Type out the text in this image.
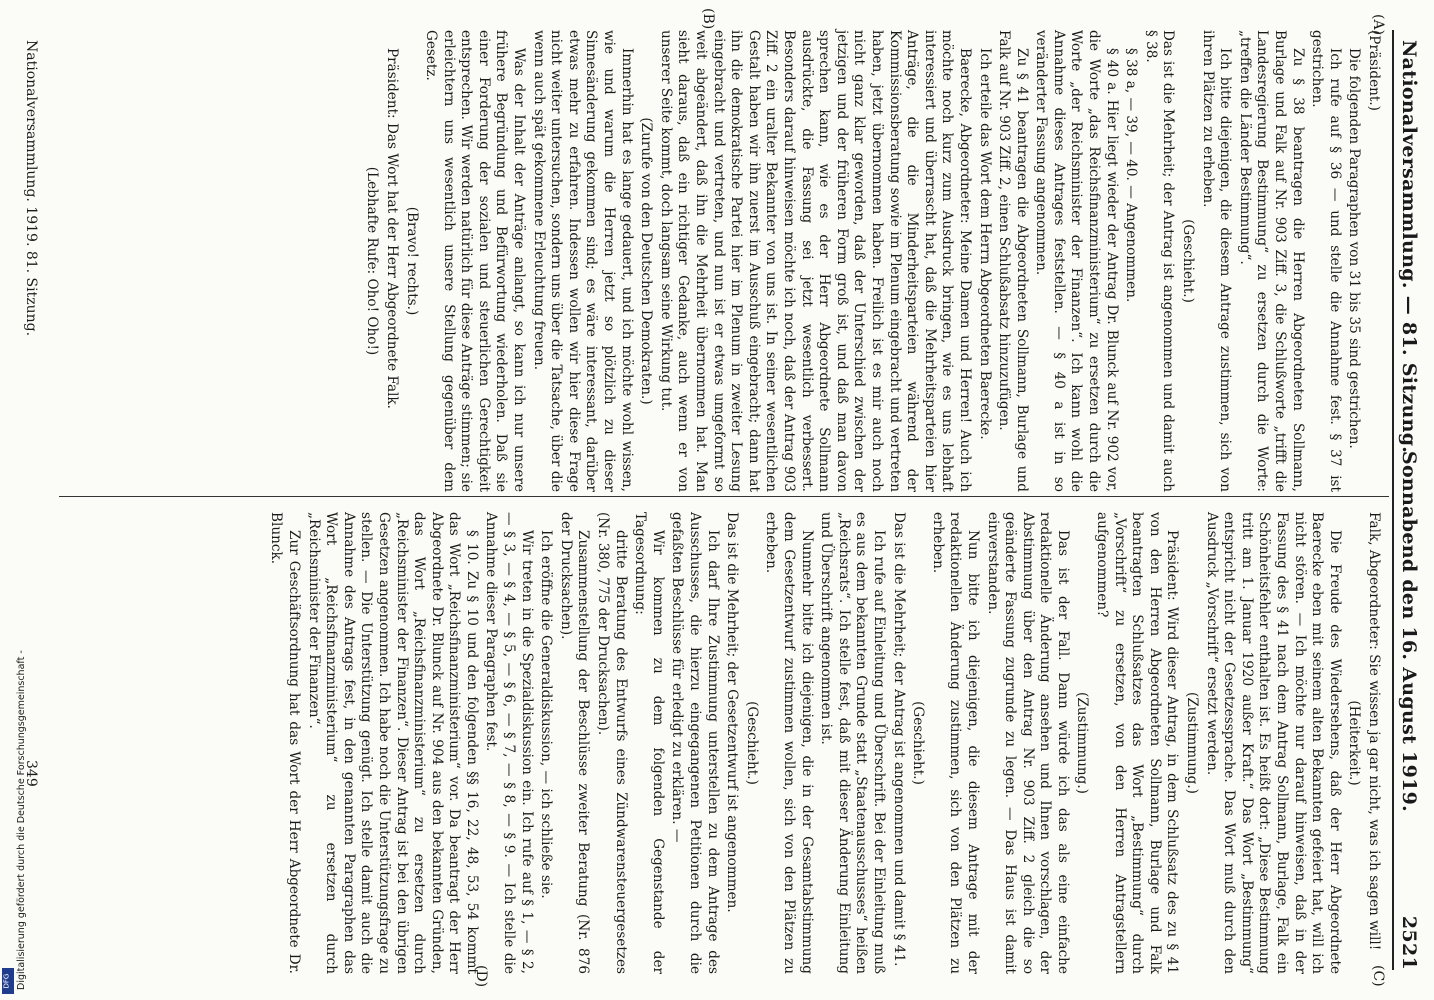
Nationalversammlung. — 81. Sitzung.
Sonnabend den 16. August 1919.  2521
(A)
(B)
(C)
(D)

(Präsident.)

Die folgenden Paragraphen von 31 bis 35 sind gestrichen.

Ich rufe auf § 36 — und stelle die Annahme fest. § 37 ist gestrichen.

Zu § 38 beantragen die Herren Abgeordneten Sollmann, Burlage und Falk auf Nr. 903 Ziff. 3, die Schlußworte „trifft die Landesregierung Bestimmung“ zu ersetzen durch die Worte: „treffen die Länder Bestimmung“.

Ich bitte diejenigen, die diesem Antrage zustimmen, sich von ihren Plätzen zu erheben.

(Geschieht.)

Das ist die Mehrheit; der Antrag ist angenommen und damit auch § 38.

§ 38 a, — 39, — 40. — Angenommen.

§ 40 a. Hier liegt wieder der Antrag Dr. Blunck auf Nr. 902 vor, die Worte „das Reichsfinanzministerium“ zu ersetzen durch die Worte „der Reichsminister der Finanzen“. Ich kann wohl die Annahme dieses Antrages feststellen. — § 40 a ist in so veränderter Fassung angenommen.

Zu § 41 beantragen die Abgeordneten Sollmann, Burlage und Falk auf Nr. 903 Ziff. 2, einen Schlußabsatz hinzuzufügen.

Ich erteile das Wort dem Herrn Abgeordneten Baerecke.

Baerecke, Abgeordneter: Meine Damen und Herren! Auch ich möchte noch kurz zum Ausdruck bringen, wie es uns lebhaft interessiert und überrascht hat, daß die Mehrheitsparteien hier Anträge, die die Minderheitsparteien während der Kommissionsberatung sowie im Plenum eingebracht und vertreten haben, jetzt übernommen haben. Freilich ist es mir auch noch nicht ganz klar geworden, daß der Unterschied zwischen der jetzigen und der früheren Form groß ist, und daß man davon sprechen kann, wie es der Herr Abgeordnete Sollmann ausdrückte, die Fassung sei jetzt wesentlich verbessert. Besonders darauf hinweisen möchte ich noch, daß der Antrag 903 Ziff. 2 ein uralter Bekannter von uns ist. In seiner wesentlichen Gestalt haben wir ihn zuerst im Ausschuß eingebracht; dann hat ihn die demokratische Partei hier im Plenum in zweiter Lesung eingebracht und vertreten, und nun ist er etwas umgeformt so weit abgeändert, daß ihn die Mehrheit übernommen hat. Man sieht daraus, daß ein richtiger Gedanke, auch wenn er von unserer Seite kommt, doch langsam seine Wirkung tut.

(Zurufe von den Deutschen Demokraten.)

Immerhin hat es lange gedauert, und ich möchte wohl wissen, wie und warum die Herren jetzt so plötzlich zu dieser Sinnesänderung gekommen sind; es wäre interessant, darüber etwas mehr zu erfahren. Indessen wollen wir hier diese Frage nicht weiter untersuchen, sondern uns über die Tatsache, über die wenn auch spät gekommene Erleuchtung freuen.

Was der Inhalt der Anträge anlangt, so kann ich nur unsere frühere Begründung und Befürwortung wiederholen. Daß sie einer Forderung der sozialen und steuerlichen Gerechtigkeit entsprechen. Wir werden natürlich für diese Anträge stimmen; sie erleichtern uns wesentlich unsere Stellung gegenüber dem Gesetz.

(Bravo! rechts.)

Präsident: Das Wort hat der Herr Abgeordnete Falk.

(Lebhafte Rufe: Oho! Oho!)

Falk, Abgeordneter: Sie wissen ja gar nicht, was ich sagen will!

(Heiterkeit.)

Die Freude des Wiedersehens, daß der Herr Abgeordnete Baerecke eben mit seinem alten Bekannten gefeiert hat, will ich nicht stören. — Ich möchte nur darauf hinweisen, daß in der Fassung des § 41 nach dem Antrag Sollmann, Burlage, Falk ein Schönheitsfehler enthalten ist. Es heißt dort: „Diese Bestimmung tritt am 1. Januar 1920 außer Kraft.“ Das Wort „Bestimmung“ entspricht nicht der Gesetzessprache. Das Wort muß durch den Ausdruck „Vorschrift“ ersetzt werden.

(Zustimmung.)

Präsident: Wird dieser Antrag, in dem Schlußsatz des zu § 41 von den Herren Abgeordneten Sollmann, Burlage und Falk beantragten Schlußsatzes das Wort „Bestimmung“ durch „Vorschrift“ zu ersetzen, von den Herren Antragstellern aufgenommen?

(Zustimmung.)

Das ist der Fall. Dann würde ich das als eine einfache redaktionelle Änderung ansehen und Ihnen vorschlagen, der Abstimmung über den Antrag Nr. 903 Ziff. 2 gleich die so geänderte Fassung zugrunde zu legen. — Das Haus ist damit einverstanden.

Nun bitte ich diejenigen, die diesem Antrage mit der redaktionellen Änderung zustimmen, sich von den Plätzen zu erheben.

(Geschieht.)

Das ist die Mehrheit; der Antrag ist angenommen und damit § 41.

Ich rufe auf Einleitung und Überschrift. Bei der Einleitung muß es aus dem bekannten Grunde statt „Staatenausschusses“ heißen „Reichsrats“. Ich stelle fest, daß mit dieser Änderung Einleitung und Überschrift angenommen ist.

Nunmehr bitte ich diejenigen, die in der Gesamtabstimmung dem Gesetzentwurf zustimmen wollen, sich von den Plätzen zu erheben.

(Geschieht.)

Das ist die Mehrheit; der Gesetzentwurf ist angenommen.

Ich darf Ihre Zustimmung unterstellen zu dem Antrage des Ausschusses, die hierzu eingegangenen Petitionen durch die gefaßten Beschlüsse für erledigt zu erklären. —

Wir kommen zu dem folgenden Gegenstande der Tagesordnung:

dritte Beratung des Entwurfs eines Zündwarensteuergesetzes (Nr. 380, 775 der Drucksachen).

Zusammenstellung der Beschlüsse zweiter Beratung (Nr. 876 der Drucksachen).

Ich eröffne die Generaldiskussion, — ich schließe sie.

Wir treten in die Spezialdiskussion ein. Ich rufe auf § 1, — § 2, — § 3, — § 4, — § 5, — § 6, — § 7, — § 8, — § 9. — Ich stelle die Annahme dieser Paragraphen fest.

§ 10. Zu § 10 und den folgenden §§ 16, 22, 48, 53, 54 kommt das Wort „Reichsfinanzministerium“ vor. Da beantragt der Herr Abgeordnete Dr. Blunck auf Nr. 904 aus den bekannten Gründen, das Wort „Reichsfinanzministerium“ zu ersetzen durch „Reichsminister der Finanzen“. Dieser Antrag ist bei den übrigen Gesetzen angenommen. Ich habe noch die Unterstützungsfrage zu stellen. — Die Unterstützung genügt. Ich stelle damit auch die Annahme des Antrags fest, in den genannten Paragraphen das Wort „Reichsfinanzministerium“ zu ersetzen durch „Reichsminister der Finanzen“.

Zur Geschäftsordnung hat das Wort der Herr Abgeordnete Dr. Blunck.

Nationalversammlung. 1919. 81. Sitzung.
349
Digitalisierung gefördert durch die Deutsche Forschungsgemeinschaft -
DFG
